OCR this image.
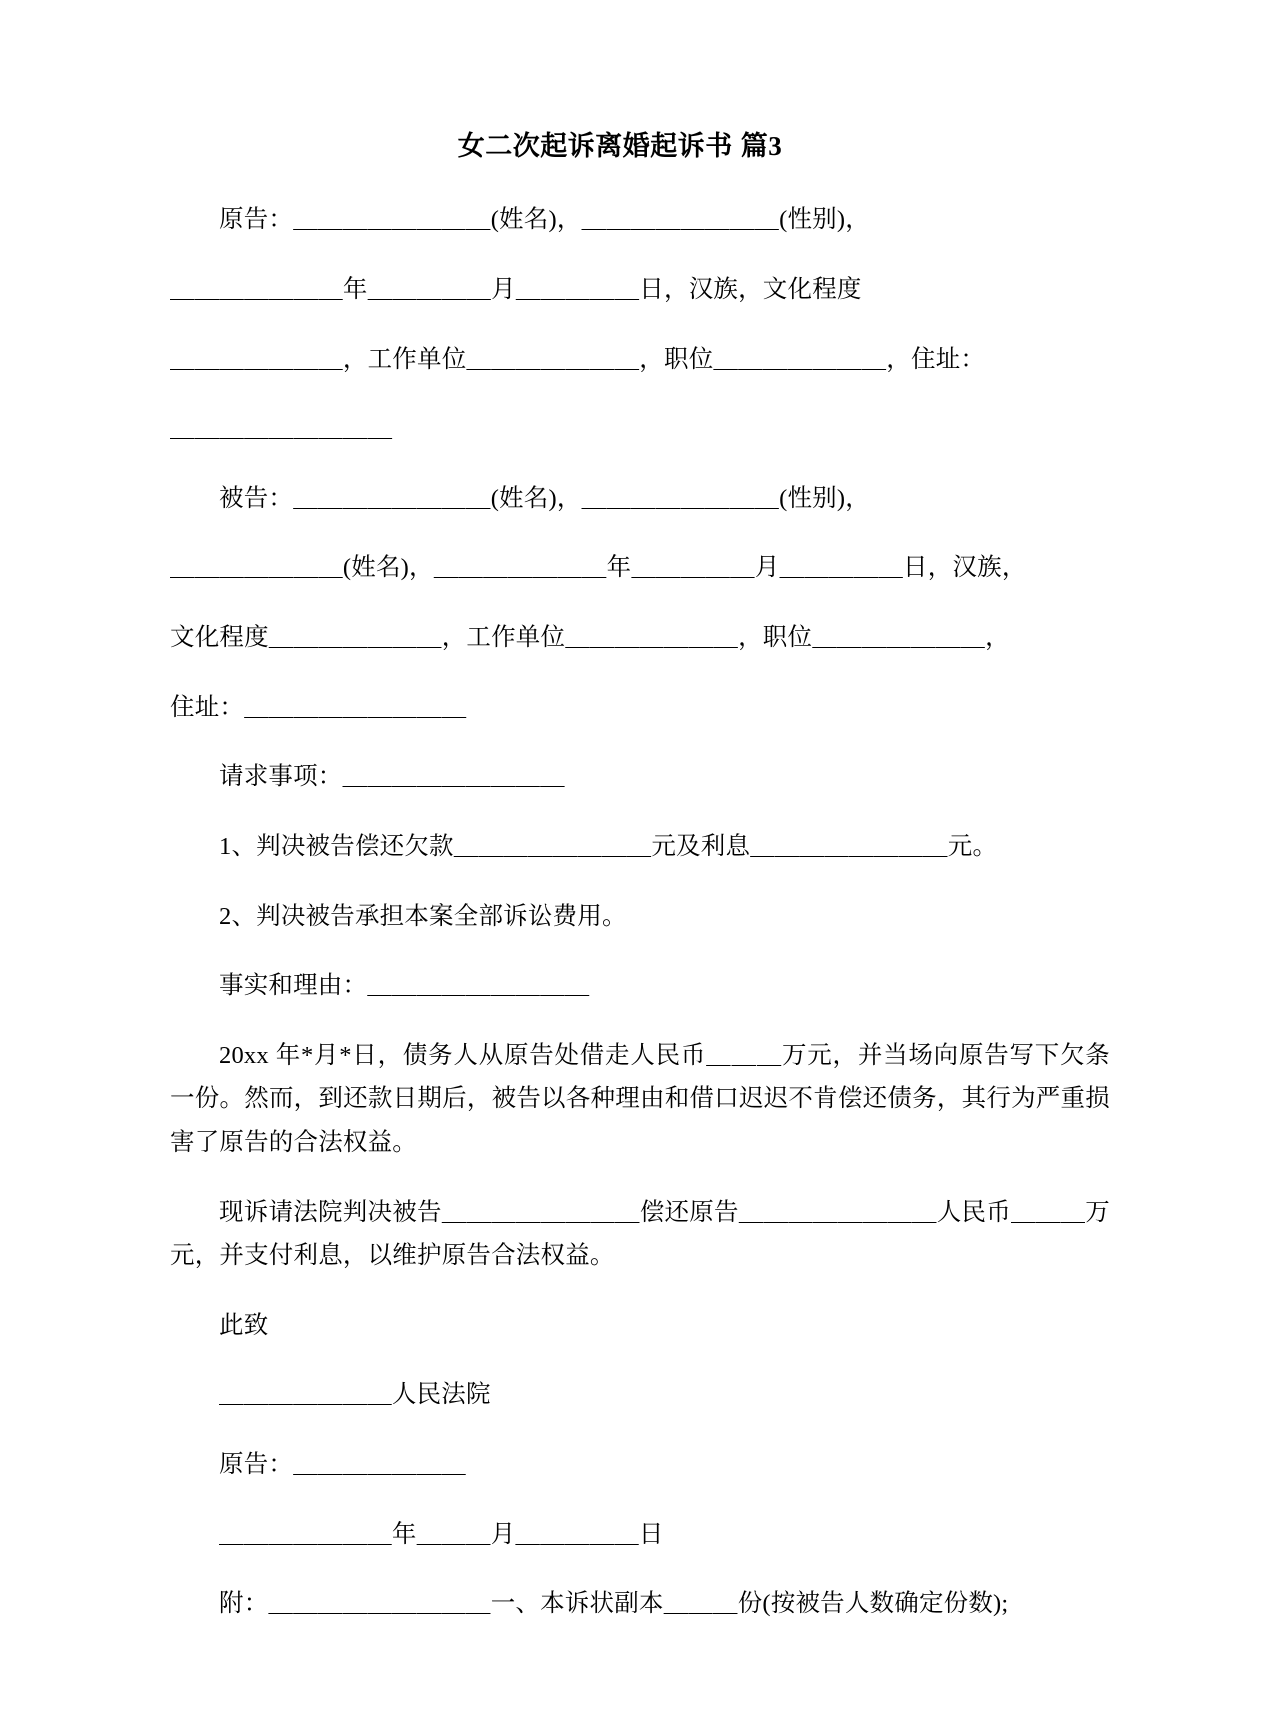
女二次起诉离婚起诉书 篇3

原告：＿＿＿＿＿＿＿＿(姓名)，＿＿＿＿＿＿＿＿(性别)，

＿＿＿＿＿＿＿年＿＿＿＿＿月＿＿＿＿＿日，汉族，文化程度

＿＿＿＿＿＿＿，工作单位＿＿＿＿＿＿＿，职位＿＿＿＿＿＿＿，住址：

＿＿＿＿＿＿＿＿＿

被告：＿＿＿＿＿＿＿＿(姓名)，＿＿＿＿＿＿＿＿(性别)，

＿＿＿＿＿＿＿(姓名)，＿＿＿＿＿＿＿年＿＿＿＿＿月＿＿＿＿＿日，汉族，

文化程度＿＿＿＿＿＿＿，工作单位＿＿＿＿＿＿＿，职位＿＿＿＿＿＿＿，

住址：＿＿＿＿＿＿＿＿＿

请求事项：＿＿＿＿＿＿＿＿＿

1、判决被告偿还欠款＿＿＿＿＿＿＿＿元及利息＿＿＿＿＿＿＿＿元。

2、判决被告承担本案全部诉讼费用。

事实和理由：＿＿＿＿＿＿＿＿＿

20xx 年*月*日，债务人从原告处借走人民币＿＿＿万元，并当场向原告写下欠条一份。然而，到还款日期后，被告以各种理由和借口迟迟不肯偿还债务，其行为严重损害了原告的合法权益。

现诉请法院判决被告＿＿＿＿＿＿＿＿偿还原告＿＿＿＿＿＿＿＿人民币＿＿＿万元，并支付利息，以维护原告合法权益。

此致

＿＿＿＿＿＿＿人民法院

原告：＿＿＿＿＿＿＿

＿＿＿＿＿＿＿年＿＿＿月＿＿＿＿＿日

附：＿＿＿＿＿＿＿＿＿一、本诉状副本＿＿＿份(按被告人数确定份数);
